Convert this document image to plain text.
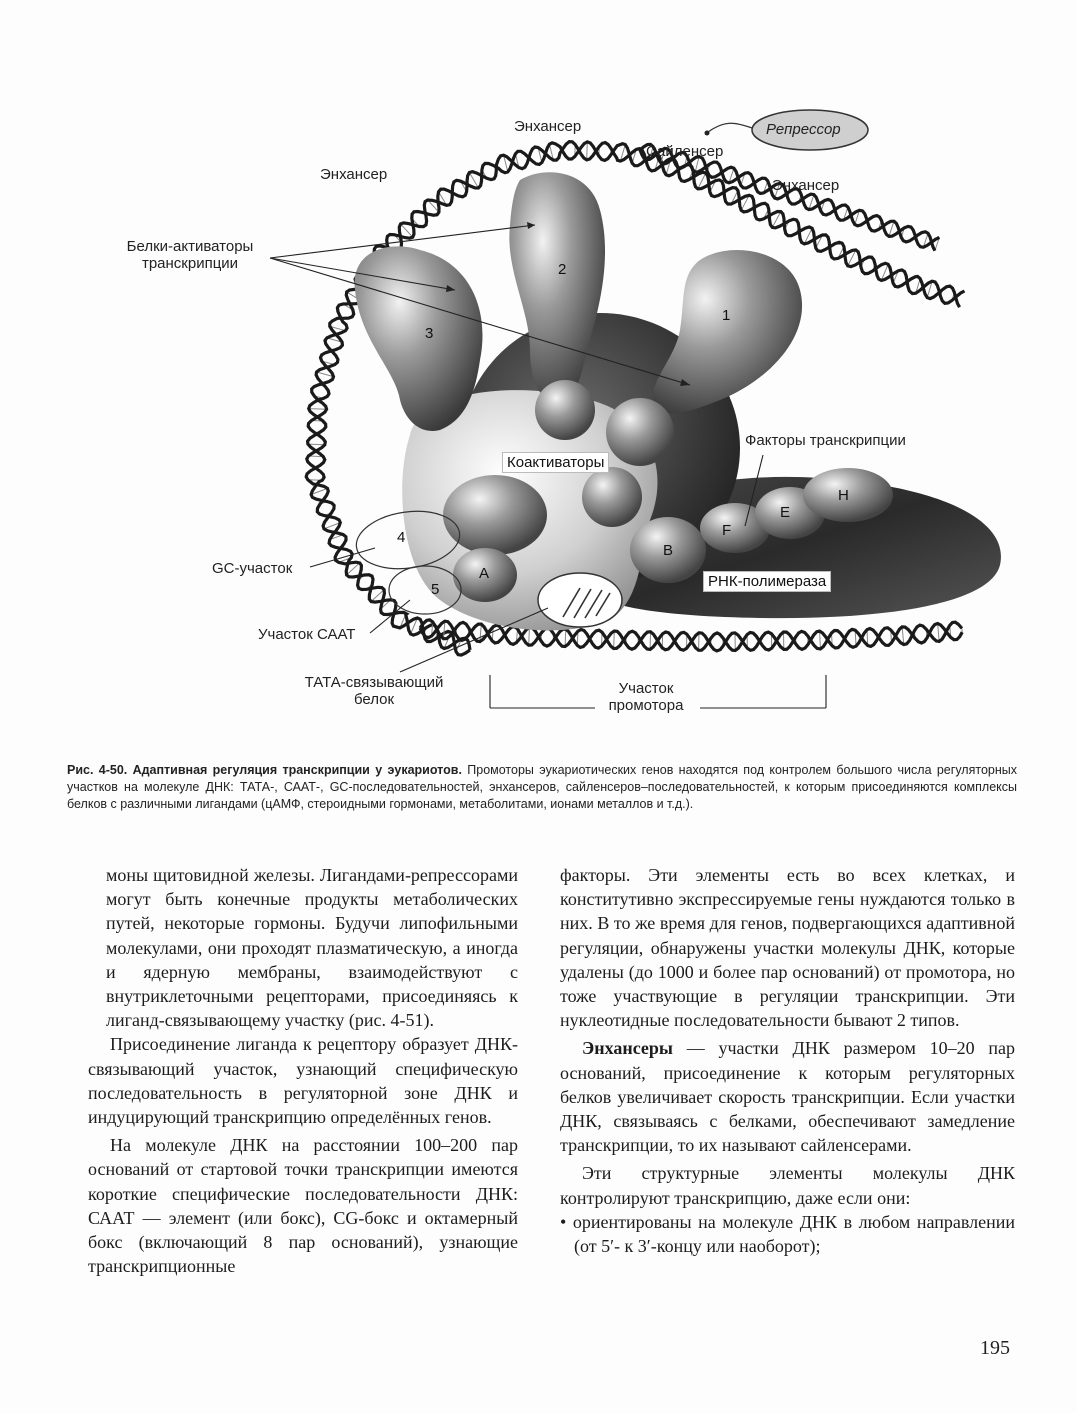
Энхансер
Энхансер
Энхансер
Сайленсер
Репрессор
Белки-активаторы
транскрипции
Коактиваторы
Факторы транскрипции
GC-участок
Участок СААТ
ТАТА-связывающий
белок
Участок
промотора
РНК-полимераза
1
2
3
4
5
A
B
F
E
H
Рис. 4-50. Адаптивная регуляция транскрипции у эукариотов. Промоторы эукариотических генов находятся под контролем большого числа регуляторных участков на молекуле ДНК: ТАТА-, СААТ-, GC-последовательностей, энхансеров, сайленсеров–последовательностей, к которым присоединяются комплексы белков с различными лигандами (цАМФ, стероидными гормонами, метаболитами, ионами металлов и т.д.).

моны щитовидной железы. Лигандами-репрессорами могут быть конечные продукты метаболических путей, некоторые гормоны. Будучи липофильными молекулами, они проходят плазматическую, а иногда и ядерную мембраны, взаимодействуют с внутриклеточными рецепторами, присоединяясь к лиганд-связывающему участку (рис. 4-51).

Присоединение лиганда к рецептору образует ДНК-связывающий участок, узнающий специфическую последовательность в регуляторной зоне ДНК и индуцирующий транскрипцию определённых генов.

На молекуле ДНК на расстоянии 100–200 пар оснований от стартовой точки транскрипции имеются короткие специфические последовательности ДНК: СААТ — элемент (или бокс), CG-бокс и октамерный бокс (включающий 8 пар оснований), узнающие транскрипционные

факторы. Эти элементы есть во всех клетках, и конститутивно экспрессируемые гены нуждаются только в них. В то же время для генов, подвергающихся адаптивной регуляции, обнаружены участки молекулы ДНК, которые удалены (до 1000 и более пар оснований) от промотора, но тоже участвующие в регуляции транскрипции. Эти нуклеотидные последовательности бывают 2 типов.

Энхансеры — участки ДНК размером 10–20 пар оснований, присоединение к которым регуляторных белков увеличивает скорость транскрипции. Если участки ДНК, связываясь с белками, обеспечивают замедление транскрипции, то их называют сайленсерами.

Эти структурные элементы молекулы ДНК контролируют транскрипцию, даже если они:

• ориентированы на молекуле ДНК в любом направлении (от 5′- к 3′-концу или наоборот);

195
